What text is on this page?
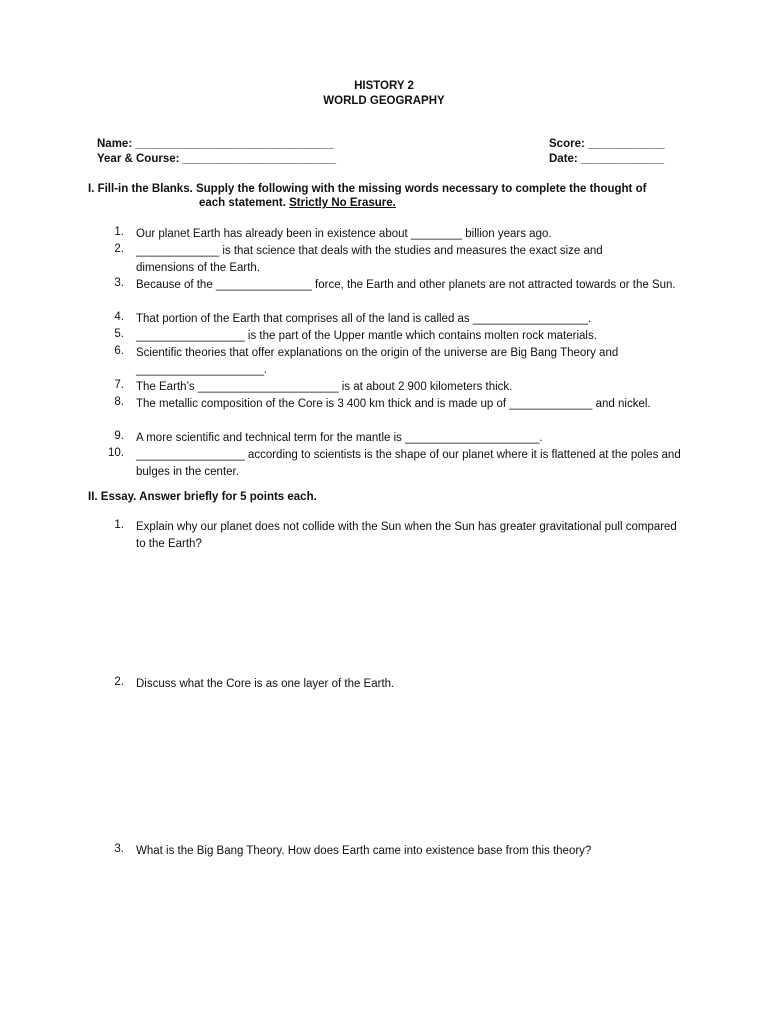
HISTORY 2
WORLD GEOGRAPHY
Name: _______________________________
Year & Course: ________________________
Score: ____________
Date: _____________
I. Fill-in the Blanks. Supply the following with the missing words necessary to complete the thought of
each statement. Strictly No Erasure.
1. Our planet Earth has already been in existence about ________ billion years ago.
2. _____________ is that science that deals with the studies and measures the exact size and dimensions of the Earth.
3. Because of the _______________ force, the Earth and other planets are not attracted towards or the Sun.
4. That portion of the Earth that comprises all of the land is called as __________________.
5. _________________ is the part of the Upper mantle which contains molten rock materials.
6. Scientific theories that offer explanations on the origin of the universe are Big Bang Theory and ____________________.
7. The Earth’s ______________________ is at about 2 900 kilometers thick.
8. The metallic composition of the Core is 3 400 km thick and is made up of _____________ and nickel.
9. A more scientific and technical term for the mantle is _____________________.
10. _________________ according to scientists is the shape of our planet where it is flattened at the poles and bulges in the center.
II. Essay. Answer briefly for 5 points each.
1. Explain why our planet does not collide with the Sun when the Sun has greater gravitational pull compared to the Earth?
2. Discuss what the Core is as one layer of the Earth.
3. What is the Big Bang Theory. How does Earth came into existence base from this theory?
